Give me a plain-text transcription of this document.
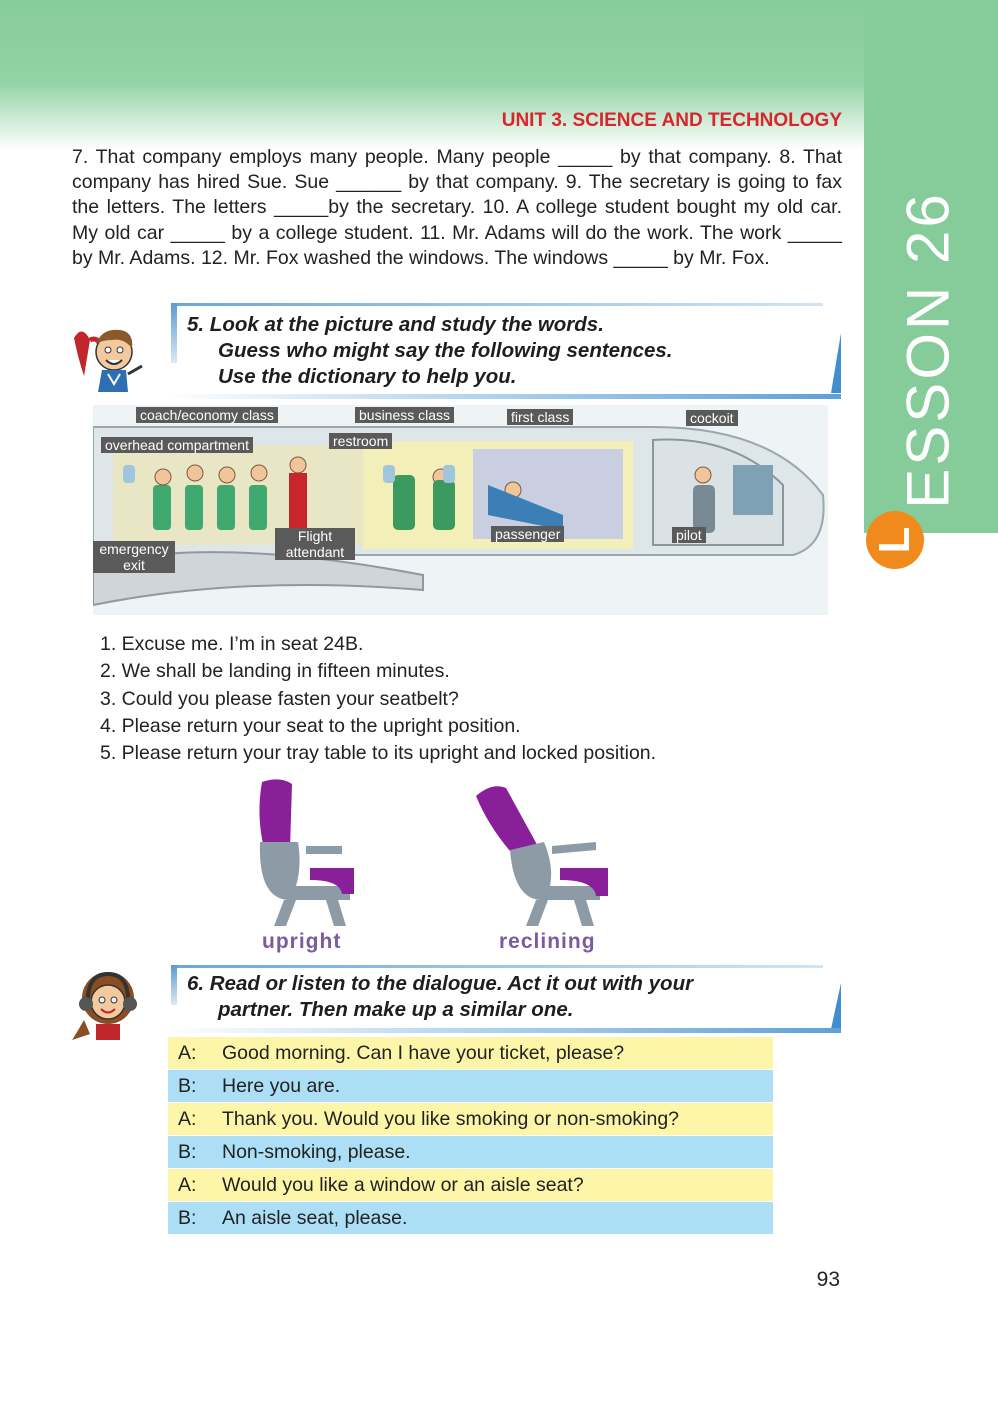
ESSON 26
L
UNIT 3. SCIENCE AND TECHNOLOGY
7. That company employs many people. Many people _____ by that company. 8. That company has hired Sue. Sue ______ by that company. 9. The secretary is going to fax the letters. The letters _____by the secretary. 10. A college student bought my old car. My old car _____ by a college student. 11. Mr. Adams will do the work. The work _____ by Mr. Adams. 12. Mr. Fox washed the windows. The windows _____ by Mr. Fox.
5. Look at the picture and study the words.
Guess who might say the following sentences.
Use the dictionary to help you.
coach/economy class	business class	first class	cockoit
overhead compartment	restroom
emergency
exit
Flight
attendant
passenger	pilot
1. Excuse me. I’m in seat 24B.
2. We shall be landing in fifteen minutes.
3. Could you please fasten your seatbelt?
4. Please return your seat to the upright position.
5. Please return your tray table to its upright and locked position.
upright	reclining
6. Read or listen to the dialogue. Act it out with your
partner. Then make up a similar one.
A:	Good morning. Can I have your ticket, please?
B:	Here you are.
A:	Thank you. Would you like smoking or non-smoking?
B:	Non-smoking, please.
A:	Would you like a window or an aisle seat?
B:	An aisle seat, please.
93
